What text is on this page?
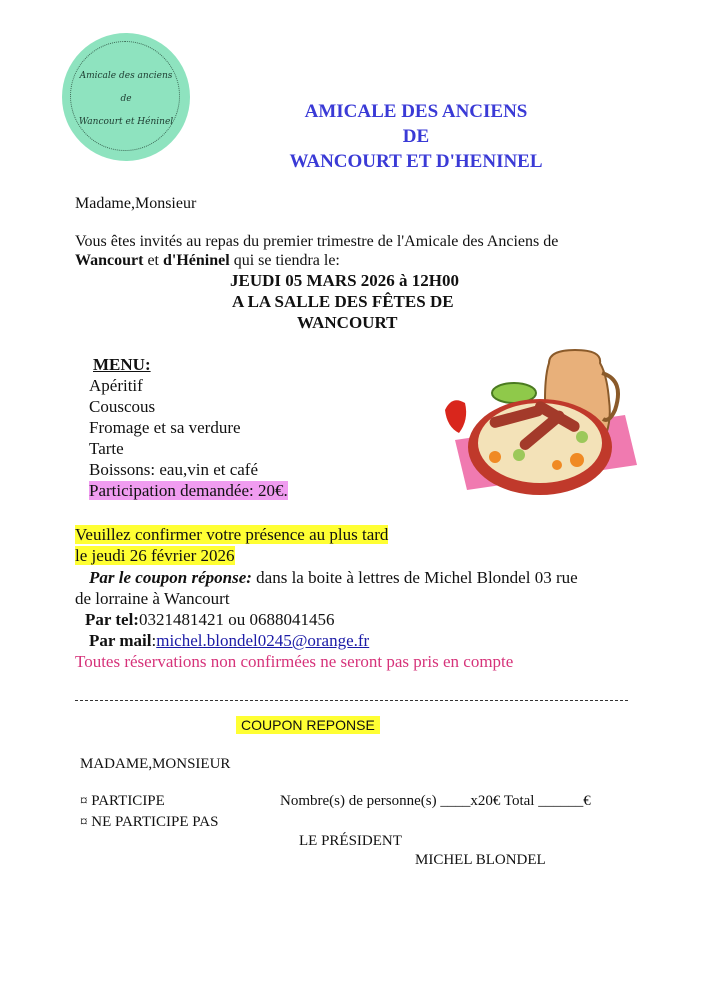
Amicale des anciens
de
Wancourt et Héninel	AMICALE DES ANCIENS
DE
WANCOURT ET D'HENINEL
Madame,Monsieur
Vous êtes invités au repas du premier trimestre de l'Amicale des Anciens de
Wancourt et d'Héninel qui se tiendra le:
JEUDI 05 MARS 2026 à 12H00
A LA SALLE DES FÊTES DE
WANCOURT
MENU:
Apéritif
Couscous
Fromage et sa verdure
Tarte
Boissons: eau,vin et café
Participation demandée: 20€.
Veuillez confirmer votre présence au plus tard
le jeudi 26 février 2026
Par le coupon réponse: dans la boite à lettres de Michel Blondel 03 rue
de lorraine à Wancourt
Par tel:0321481421 ou 0688041456
Par mail:michel.blondel0245@orange.fr
Toutes réservations non confirmées ne seront pas pris en compte
COUPON REPONSE
MADAME,MONSIEUR
¤ PARTICIPE
¤ NE PARTICIPE PAS
Nombre(s) de personne(s) ____x20€ Total ______€
LE PRÉSIDENT
MICHEL BLONDEL
